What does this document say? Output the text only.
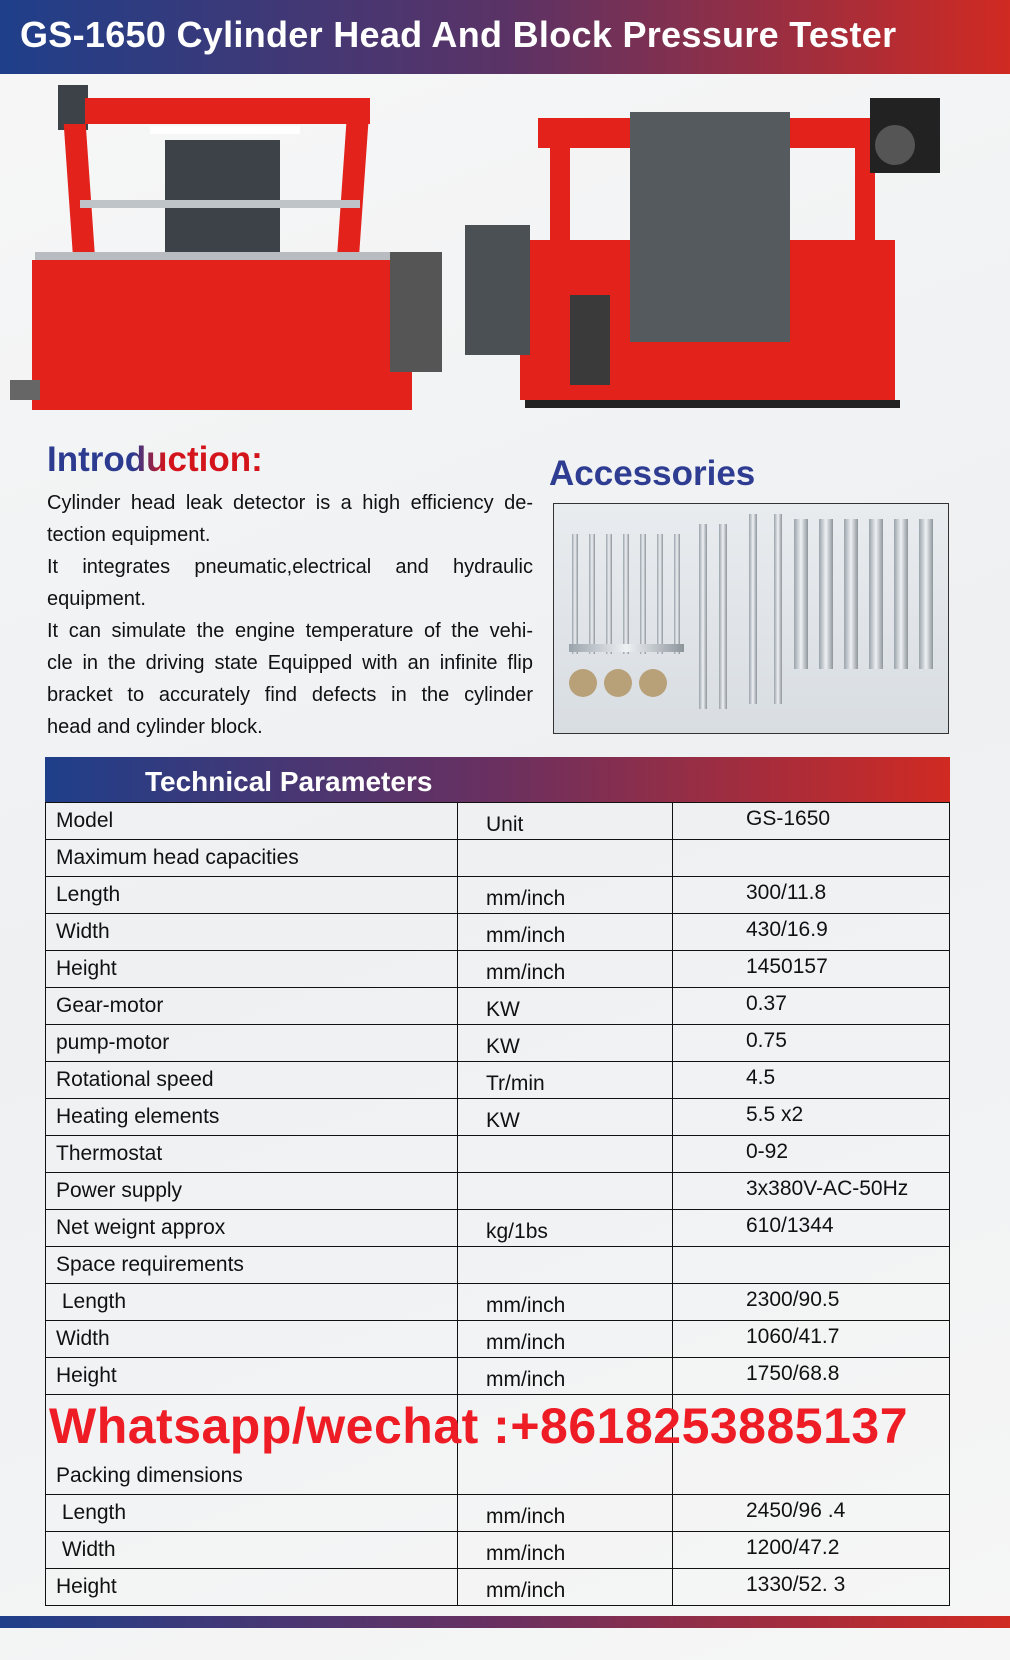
GS-1650 Cylinder Head And Block Pressure Tester
Introduction:
Cylinder head leak detector is a high efficiency de-
tection equipment.
It integrates pneumatic,electrical and hydraulic
equipment.
It can simulate the engine temperature of the vehi-
cle in the driving state Equipped with an infinite flip
bracket to accurately find defects in the cylinder
head and cylinder block.
Accessories
Technical Parameters
Model	Unit	GS-1650
Maximum head capacities		
Length	mm/inch	300/11.8
Width	mm/inch	430/16.9
Height	mm/inch	1450157
Gear-motor	KW	0.37
pump-motor	KW	0.75
Rotational speed	Tr/min	4.5
Heating elements	KW	5.5 x2
Thermostat		0-92
Power supply		3x380V-AC-50Hz
Net weignt approx	kg/1bs	610/1344
Space requirements		
Length	mm/inch	2300/90.5
Width	mm/inch	1060/41.7
Height	mm/inch	1750/68.8
Packing dimensions		
Length	mm/inch	2450/96 .4
Width	mm/inch	1200/47.2
Height	mm/inch	1330/52. 3
Whatsapp/wechat :+8618253885137
